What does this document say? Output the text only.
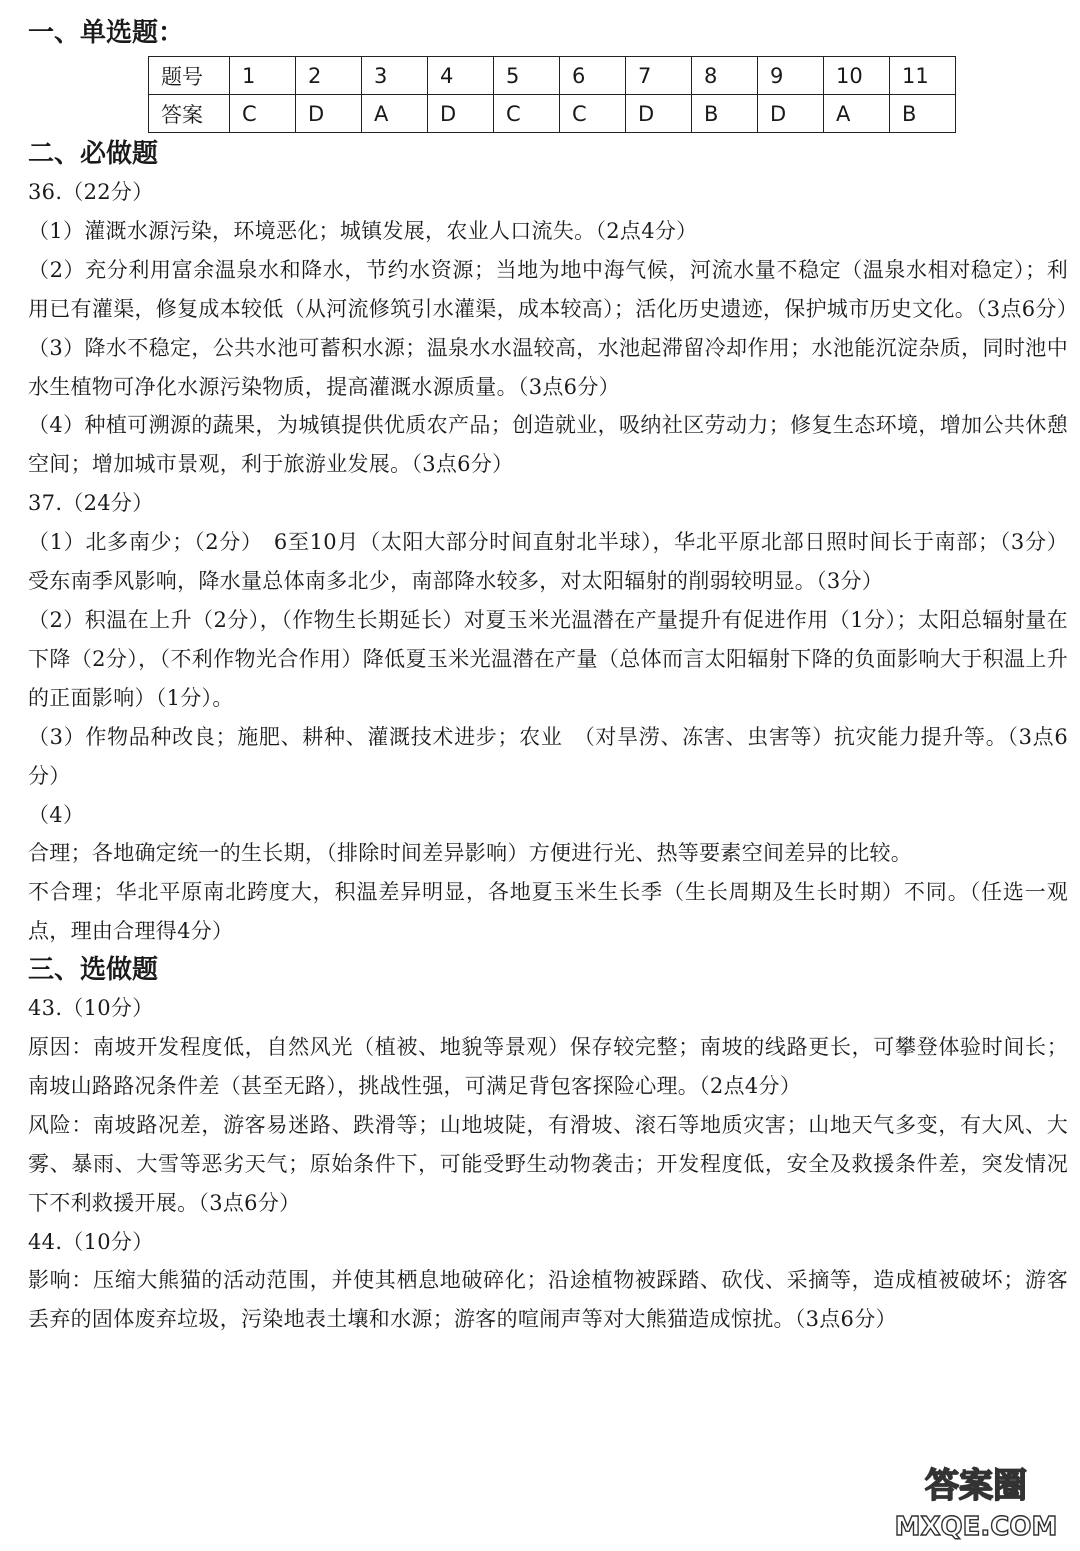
一、单选题：
题号	1	2	3	4	5	6	7	8	9	10	11
答案	C	D	A	D	C	C	D	B	D	A	B
二、必做题

36.（22分）

（1）灌溉水源污染，环境恶化；城镇发展，农业人口流失。（2点4分）

（2）充分利用富余温泉水和降水，节约水资源；当地为地中海气候，河流水量不稳定（温泉水相对稳定）；利用已有灌渠，修复成本较低（从河流修筑引水灌渠，成本较高）；活化历史遗迹，保护城市历史文化。（3点6分）

（3）降水不稳定，公共水池可蓄积水源；温泉水水温较高，水池起滞留冷却作用；水池能沉淀杂质，同时池中水生植物可净化水源污染物质，提高灌溉水源质量。（3点6分）

（4）种植可溯源的蔬果，为城镇提供优质农产品；创造就业，吸纳社区劳动力；修复生态环境，增加公共休憩空间；增加城市景观，利于旅游业发展。（3点6分）

37.（24分）

（1）北多南少；（2分）　6至10月（太阳大部分时间直射北半球），华北平原北部日照时间长于南部；（3分）受东南季风影响，降水量总体南多北少，南部降水较多，对太阳辐射的削弱较明显。（3分）

（2）积温在上升（2分），（作物生长期延长）对夏玉米光温潜在产量提升有促进作用（1分）；太阳总辐射量在下降（2分），（不利作物光合作用）降低夏玉米光温潜在产量（总体而言太阳辐射下降的负面影响大于积温上升的正面影响）（1分）。

（3）作物品种改良；施肥、耕种、灌溉技术进步；农业　（对旱涝、冻害、虫害等）抗灾能力提升等。（3点6分）

（4）

合理；各地确定统一的生长期，（排除时间差异影响）方便进行光、热等要素空间差异的比较。

不合理；华北平原南北跨度大，积温差异明显，各地夏玉米生长季（生长周期及生长时期）不同。（任选一观点，理由合理得4分）

三、选做题

43.（10分）

原因：南坡开发程度低，自然风光（植被、地貌等景观）保存较完整；南坡的线路更长，可攀登体验时间长；南坡山路路况条件差（甚至无路），挑战性强，可满足背包客探险心理。（2点4分）

风险：南坡路况差，游客易迷路、跌滑等；山地坡陡，有滑坡、滚石等地质灾害；山地天气多变，有大风、大雾、暴雨、大雪等恶劣天气；原始条件下，可能受野生动物袭击；开发程度低，安全及救援条件差，突发情况下不利救援开展。（3点6分）

44.（10分）

影响：压缩大熊猫的活动范围，并使其栖息地破碎化；沿途植物被踩踏、砍伐、采摘等，造成植被破坏；游客丢弃的固体废弃垃圾，污染地表土壤和水源；游客的喧闹声等对大熊猫造成惊扰。（3点6分）

答案圈
MXQE.COM
